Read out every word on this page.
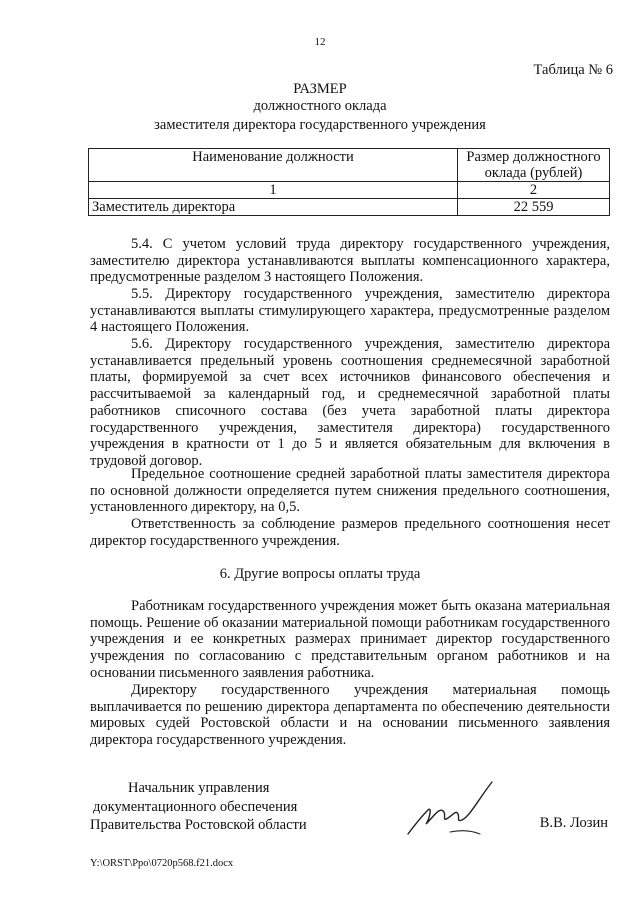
12
Таблица № 6
РАЗМЕР
должностного оклада
заместителя директора государственного учреждения
Наименование должности	Размер должностного оклада (рублей)
1	2
Заместитель директора	22 559

5.4. С учетом условий труда директору государственного учреждения, заместителю директора устанавливаются выплаты компенсационного характера, предусмотренные разделом 3 настоящего Положения.

5.5. Директору государственного учреждения, заместителю директора устанавливаются выплаты стимулирующего характера, предусмотренные разделом 4 настоящего Положения.

5.6. Директору государственного учреждения, заместителю директора устанавливается предельный уровень соотношения среднемесячной заработной платы, формируемой за счет всех источников финансового обеспечения и рассчитываемой за календарный год, и среднемесячной заработной платы работников списочного состава (без учета заработной платы директора государственного учреждения, заместителя директора) государственного учреждения в кратности от 1 до 5 и является обязательным для включения в трудовой договор.

Предельное соотношение средней заработной платы заместителя директора по основной должности определяется путем снижения предельного соотношения, установленного директору, на 0,5.

Ответственность за соблюдение размеров предельного соотношения несет директор государственного учреждения.

6. Другие вопросы оплаты труда

Работникам государственного учреждения может быть оказана материальная помощь. Решение об оказании материальной помощи работникам государственного учреждения и ее конкретных размерах принимает директор государственного учреждения по согласованию с представительным органом работников и на основании письменного заявления работника.

Директору государственного учреждения материальная помощь выплачивается по решению директора департамента по обеспечению деятельности мировых судей Ростовской области и на основании письменного заявления директора государственного учреждения.

Начальник управления
документационного обеспечения
Правительства Ростовской области	В.В. Лозин
Y:\ORST\Ppo\0720p568.f21.docx
